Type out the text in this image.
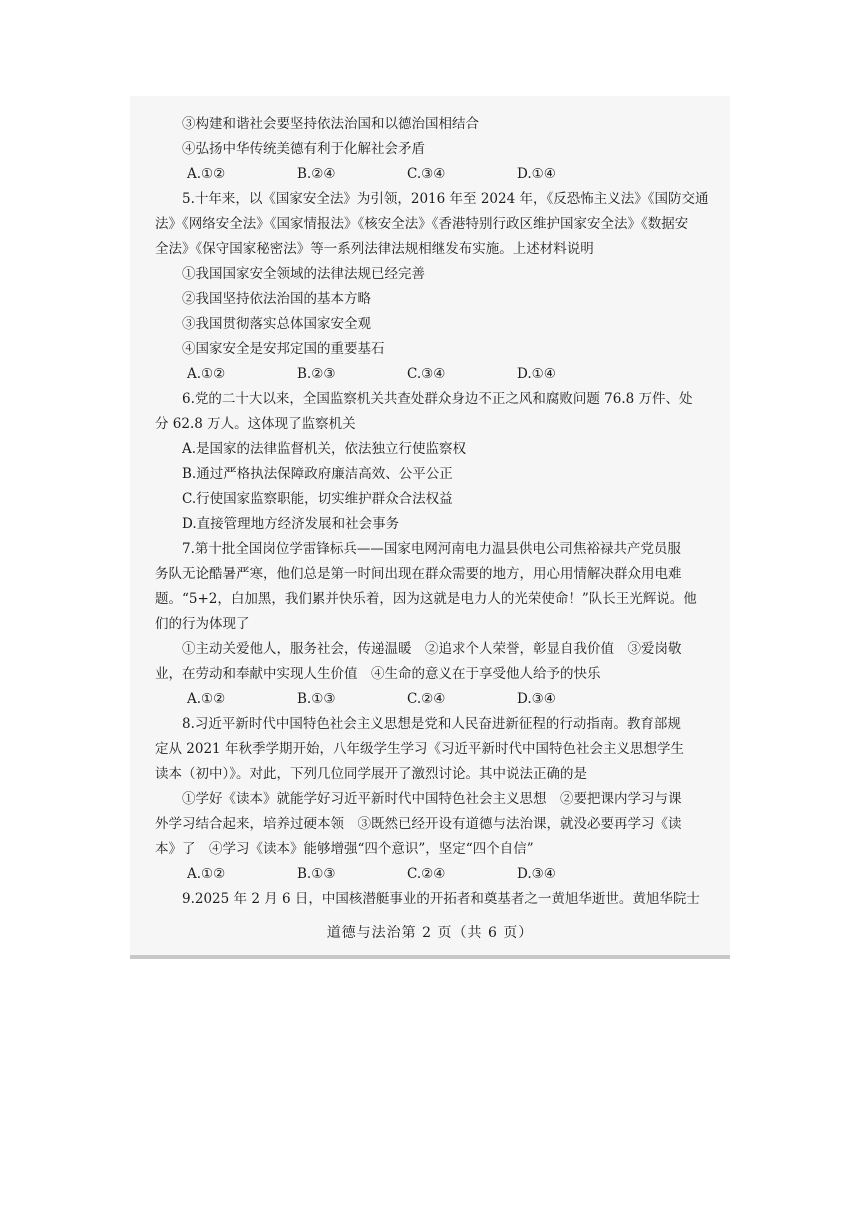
③构建和谐社会要坚持依法治国和以德治国相结合
④弘扬中华传统美德有利于化解社会矛盾
A.①②	B.②④	C.③④	D.①④
5.十年来，以《国家安全法》为引领，2016 年至 2024 年，《反恐怖主义法》《国防交通
法》《网络安全法》《国家情报法》《核安全法》《香港特别行政区维护国家安全法》《数据安
全法》《保守国家秘密法》等一系列法律法规相继发布实施。上述材料说明
①我国国家安全领域的法律法规已经完善
②我国坚持依法治国的基本方略
③我国贯彻落实总体国家安全观
④国家安全是安邦定国的重要基石
A.①②	B.②③	C.③④	D.①④
6.党的二十大以来，全国监察机关共查处群众身边不正之风和腐败问题 76.8 万件、处
分 62.8 万人。这体现了监察机关
A.是国家的法律监督机关，依法独立行使监察权
B.通过严格执法保障政府廉洁高效、公平公正
C.行使国家监察职能，切实维护群众合法权益
D.直接管理地方经济发展和社会事务
7.第十批全国岗位学雷锋标兵——国家电网河南电力温县供电公司焦裕禄共产党员服
务队无论酷暑严寒，他们总是第一时间出现在群众需要的地方，用心用情解决群众用电难
题。“5+2，白加黑，我们累并快乐着，因为这就是电力人的光荣使命！”队长王光辉说。他
们的行为体现了
①主动关爱他人，服务社会，传递温暖　②追求个人荣誉，彰显自我价值　③爱岗敬
业，在劳动和奉献中实现人生价值　④生命的意义在于享受他人给予的快乐
A.①②	B.①③	C.②④	D.③④
8.习近平新时代中国特色社会主义思想是党和人民奋进新征程的行动指南。教育部规
定从 2021 年秋季学期开始，八年级学生学习《习近平新时代中国特色社会主义思想学生
读本（初中）》。对此，下列几位同学展开了激烈讨论。其中说法正确的是
①学好《读本》就能学好习近平新时代中国特色社会主义思想　②要把课内学习与课
外学习结合起来，培养过硬本领　③既然已经开设有道德与法治课，就没必要再学习《读
本》了　④学习《读本》能够增强“四个意识”，坚定“四个自信”
A.①②	B.①③	C.②④	D.③④
9.2025 年 2 月 6 日，中国核潜艇事业的开拓者和奠基者之一黄旭华逝世。黄旭华院士
道德与法治第 2 页（共 6 页）
